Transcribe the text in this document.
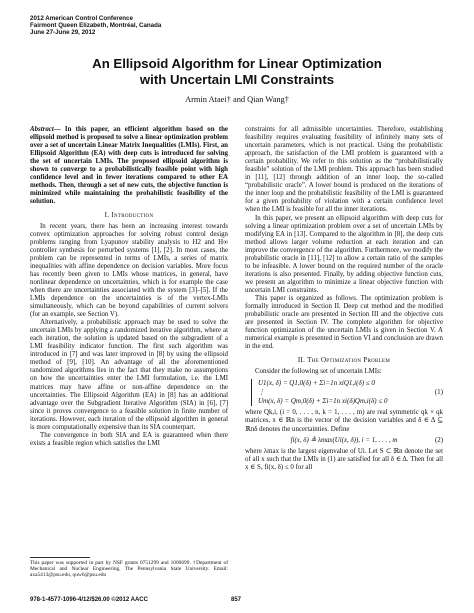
2012 American Control Conference
Fairmont Queen Elizabeth, Montréal, Canada
June 27-June 29, 2012
An Ellipsoid Algorithm for Linear Optimization
with Uncertain LMI Constraints
Armin Ataei† and Qian Wang†
Abstract— In this paper, an efficient algorithm based on the ellipsoid method is proposed to solve a linear optimization problem over a set of uncertain Linear Matrix Inequalities (LMIs). First, an Ellipsoid Algorithm (EA) with deep cuts is introduced for solving the set of uncertain LMIs. The proposed ellipsoid algorithm is shown to converge to a probabilistically feasible point with high confidence level and in fewer iterations compared to other EA methods. Then, through a set of new cuts, the objective function is minimized while maintaining the probabilistic feasibility of the solution.
I. Introduction

In recent years, there has been an increasing interest towards convex optimization approaches for solving robust control design problems ranging from Lyapunov stability analysis to H2 and H∞ controller synthesis for perturbed systems [1], [2]. In most cases, the problem can be represented in terms of LMIs, a series of matrix inequalities with affine dependence on decision variables. More focus has recently been given to LMIs whose matrices, in general, have nonlinear dependence on uncertainties, which is for example the case when there are uncertainties associated with the system [3]–[5]. If the LMIs dependence on the uncertainties is of the vertex-LMIs simultaneously, which can be beyond capabilities of current solvers (for an example, see Section V).

Alternatively, a probabilistic approach may be used to solve the uncertain LMIs by applying a randomized iterative algorithm, where at each iteration, the solution is updated based on the subgradient of a LMI feasibility indicator function. The first such algorithm was introduced in [7] and was later improved in [8] by using the ellipsoid method of [9], [10]. An advantage of all the aforementioned randomized algorithms lies in the fact that they make no assumptions on how the uncertainties enter the LMI formulation, i.e. the LMI matrices may have affine or non-affine dependence on the uncertainties. The Ellipsoid Algorithm (EA) in [8] has an additional advantage over the Subgradient Iterative Algorithm (SIA) in [6], [7] since it proves convergence to a feasible solution in finite number of iterations. However, each iteration of the ellipsoid algorithm in general is more computationally expensive than its SIA counterpart.

The convergence in both SIA and EA is guaranteed when there exists a feasible region which satisfies the LMI

constraints for all admissible uncertainties. Therefore, establishing feasibility requires evaluating feasibility of infinitely many sets of uncertain parameters, which is not practical. Using the probabilistic approach, the satisfaction of the LMI problem is guaranteed with a certain probability. We refer to this solution as the “probabilistically feasible” solution of the LMI problem. This approach has been studied in [11], [12] through addition of an inner loop, the so-called “probabilistic oracle”. A lower bound is produced on the iterations of the inner loop and the probabilistic feasibility of the LMI is guaranteed for a given probability of violation with a certain confidence level when the LMI is feasible for all the inner iterations.

In this paper, we present an ellipsoid algorithm with deep cuts for solving a linear optimization problem over a set of uncertain LMIs by modifying EA in [13]. Compared to the algorithm in [8], the deep cuts method allows larger volume reduction at each iteration and can improve the convergence of the algorithm. Furthermore, we modify the probabilistic oracle in [11], [12] to allow a certain ratio of the samples to be infeasible. A lower bound on the required number of the oracle iterations is also presented. Finally, by adding objective function cuts, we present an algorithm to minimize a linear objective function with uncertain LMI constraints.

This paper is organized as follows. The optimization problem is formally introduced in Section II. Deep cut method and the modified probabilistic oracle are presented in Section III and the objective cuts are presented in Section IV. The complete algorithm for objective function optimization of the uncertain LMIs is given in Section V. A numerical example is presented in Section VI and conclusion are drawn in the end.

II. The Optimization Problem

Consider the following set of uncertain LMIs:

U1(x, δ) = Q1,0(δ) + Σi=1n xiQ1,i(δ) ≤ 0
⋮
Um(x, δ) = Qm,0(δ) + Σi=1n xi(δ)Qm,i(δ) ≤ 0
(1)

where Qk,i, (i = 0, . . . , n, k = 1, . . . , m) are real symmetric qk × qk matrices, x ∈ ℝn is the vector of the decision variables and δ ∈ Δ ⊆ ℝnδ denotes the uncertainties. Define

fi(x, δ) ≜ λmax(Ui(x, δ)), i = 1, . . . , m	(2)

where λmax is the largest eigenvalue of Ui. Let S ⊂ ℝn denote the set of all x such that the LMIs in (1) are satisfied for all δ ∈ Δ. Then for all x ∈ S, fi(x, δ) ≤ 0 for all

This paper was supported in part by NSF grants 0751299 and 1000699. †Department of Mechanical and Nuclear Engineering, The Pennsylvania State University. Email: axa5413@psu.edu, quw6@psu.edu
978-1-4577-1096-4/12/$26.00 ©2012 AACC	857
